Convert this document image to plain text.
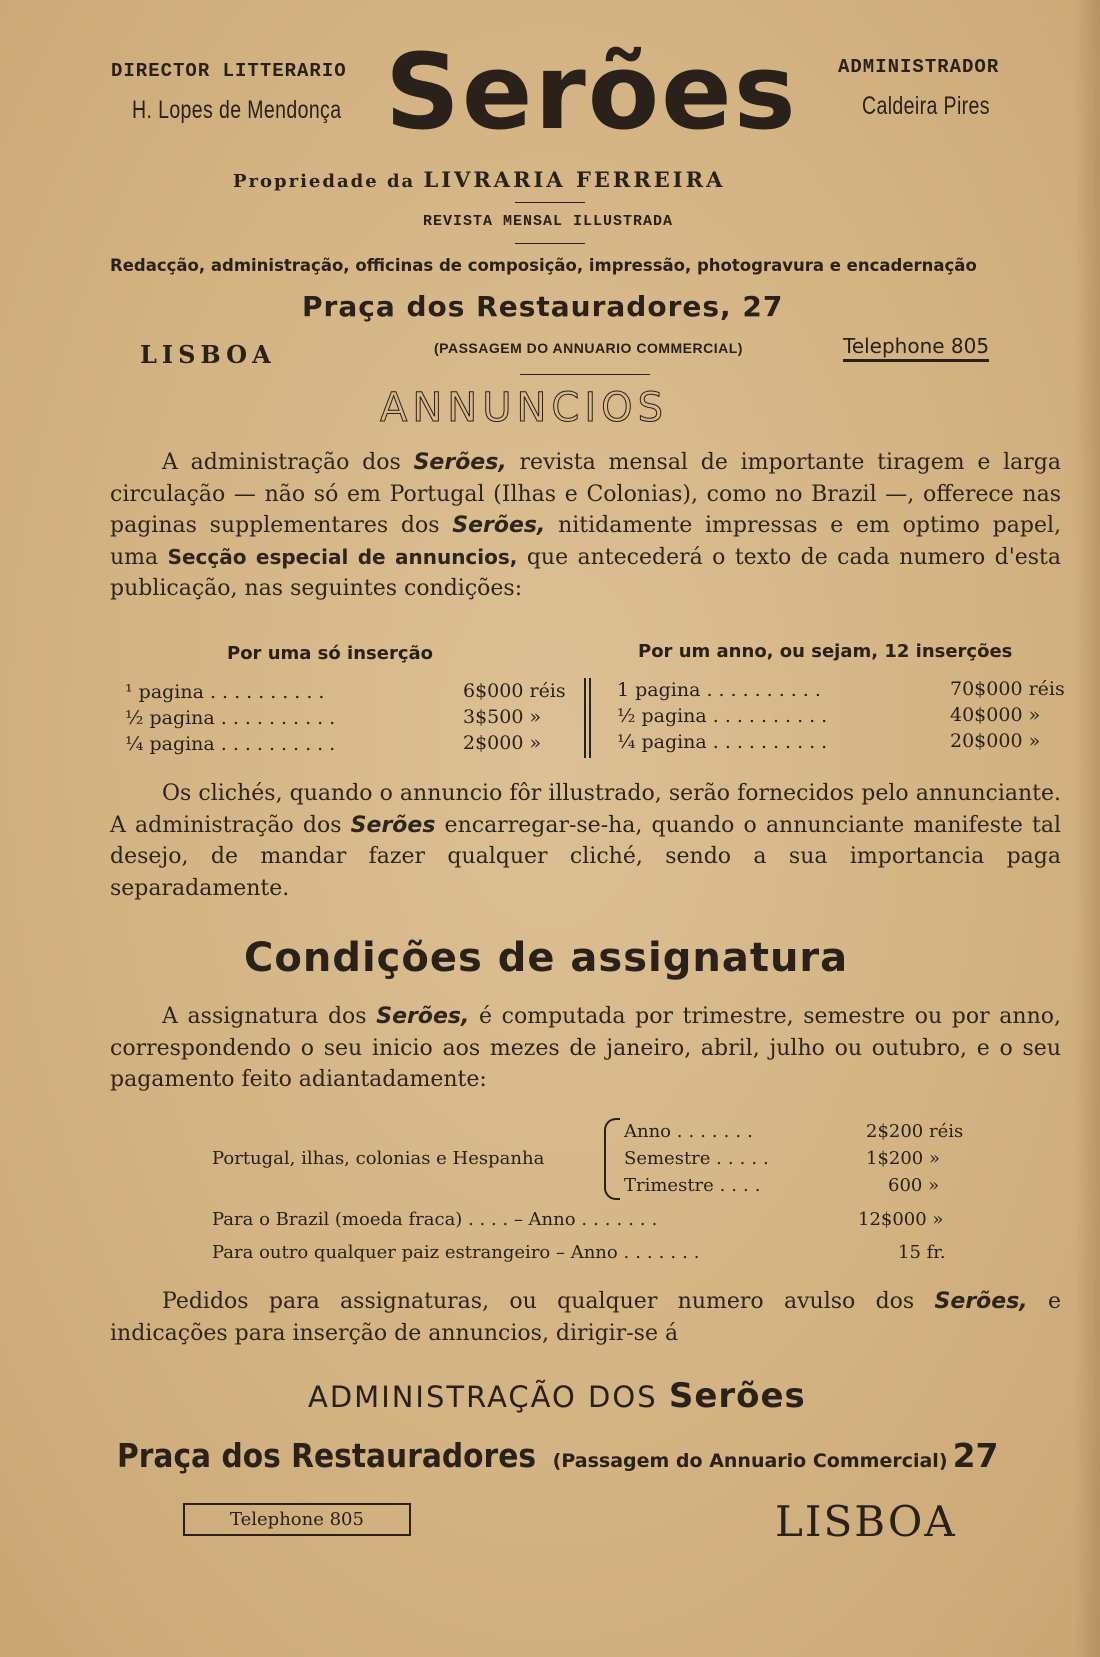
DIRECTOR LITTERARIO
H. Lopes de Mendonça Serões ADMINISTRADOR
Caldeira Pires
Propriedade da LIVRARIA FERREIRA
REVISTA MENSAL ILLUSTRADA
Redacção, administração, officinas de composição, impressão, photogravura e encadernação
Praça dos Restauradores, 27
LISBOA	(PASSAGEM DO ANNUARIO COMMERCIAL)	Telephone 805
ANNUNCIOS

A administração dos Serões, revista mensal de importante tiragem e larga circulação — não só em Portugal (Ilhas e Colonias), como no Brazil —, offerece nas paginas supplementares dos Serões, nitidamente impressas e em optimo papel, uma Secção especial de annuncios, que antecederá o texto de cada numero d'esta publicação, nas seguintes condições:

Por uma só inserção	Por um anno, ou sejam, 12 inserções
¹ pagina ..........	6$000 réis
½ pagina ..........	3$500 »
¼ pagina ..........	2$000 »
1 pagina ..........	70$000 réis
½ pagina ..........	40$000 »
¼ pagina ..........	20$000 »

Os clichés, quando o annuncio fôr illustrado, serão fornecidos pelo annunciante. A administração dos Serões encarregar-se-ha, quando o annunciante manifeste tal desejo, de mandar fazer qualquer cliché, sendo a sua importancia paga separadamente.

Condições de assignatura

A assignatura dos Serões, é computada por trimestre, semestre ou por anno, correspondendo o seu inicio aos mezes de janeiro, abril, julho ou outubro, e o seu pagamento feito adiantadamente:

Portugal, ilhas, colonias e Hespanha
Anno .......	2$200 réis
Semestre .....	1$200 »
Trimestre ....	600 »
Para o Brazil (moeda fraca) . . . . – Anno .......	12$000 »
Para outro qualquer paiz estrangeiro – Anno .......	15 fr.

Pedidos para assignaturas, ou qualquer numero avulso dos Serões, e indicações para inserção de annuncios, dirigir-se á

ADMINISTRAÇÃO DOS Serões
Praça dos Restauradores (Passagem do Annuario Commercial) 27
Telephone 805	LISBOA
